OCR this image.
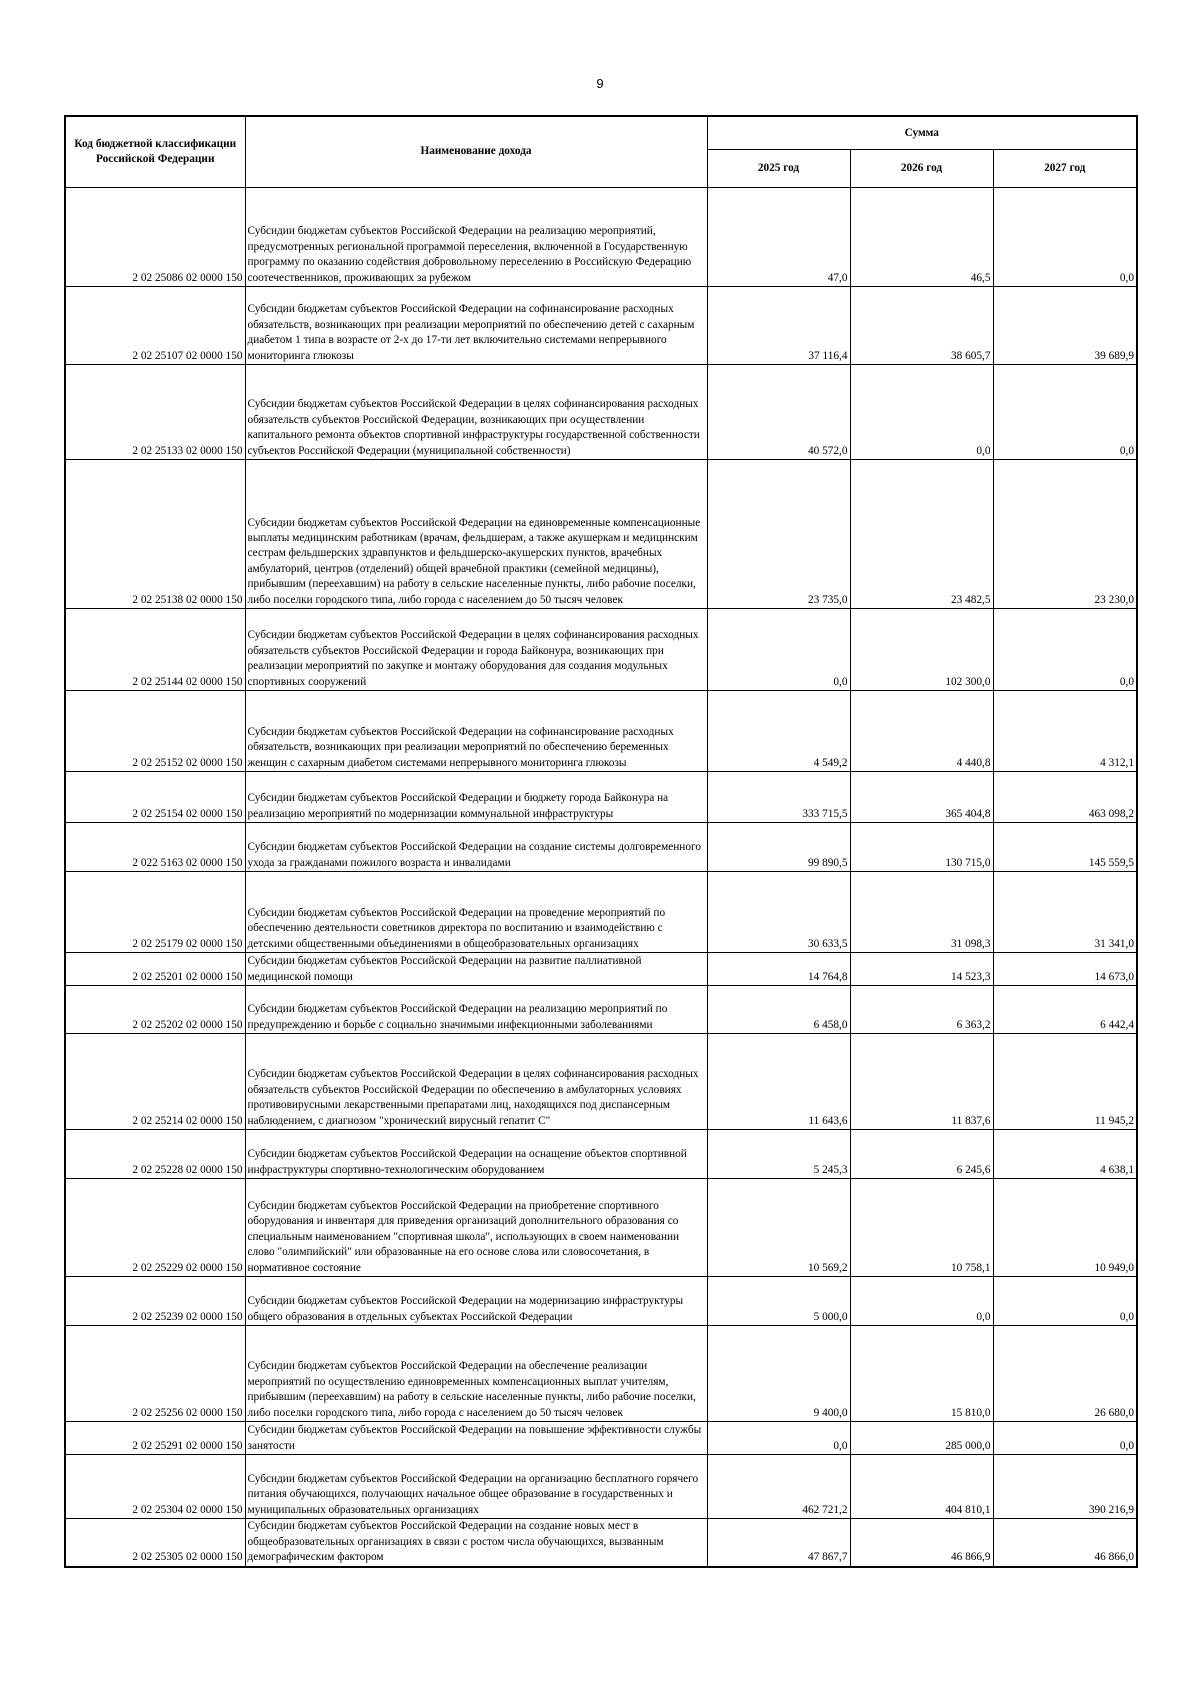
9
Код бюджетной классификации Российской Федерации	Наименование дохода	Сумма		
		2025 год	2026 год	2027 год
2 02 25086 02 0000 150	Субсидии бюджетам субъектов Российской Федерации на реализацию мероприятий, предусмотренных региональной программой переселения, включенной в Государственную программу по оказанию содействия добровольному переселению в Российскую Федерацию соотечественников, проживающих за рубежом	47,0	46,5	0,0
2 02 25107 02 0000 150	Субсидии бюджетам субъектов Российской Федерации на софинансирование расходных обязательств, возникающих при реализации мероприятий по обеспечению детей с сахарным диабетом 1 типа в возрасте от 2-х до 17-ти лет включительно системами непрерывного мониторинга глюкозы	37 116,4	38 605,7	39 689,9
2 02 25133 02 0000 150	Субсидии бюджетам субъектов Российской Федерации в целях софинансирования расходных обязательств субъектов Российской Федерации, возникающих при осуществлении капитального ремонта объектов спортивной инфраструктуры государственной собственности субъектов Российской Федерации (муниципальной собственности)	40 572,0	0,0	0,0
2 02 25138 02 0000 150	Субсидии бюджетам субъектов Российской Федерации на единовременные компенсационные выплаты медицинским работникам (врачам, фельдшерам, а также акушеркам и медицинским сестрам фельдшерских здравпунктов и фельдшерско-акушерских пунктов, врачебных амбулаторий, центров (отделений) общей врачебной практики (семейной медицины), прибывшим (переехавшим) на работу в сельские населенные пункты, либо рабочие поселки, либо поселки городского типа, либо города с населением до 50 тысяч человек	23 735,0	23 482,5	23 230,0
2 02 25144 02 0000 150	Субсидии бюджетам субъектов Российской Федерации в целях софинансирования расходных обязательств субъектов Российской Федерации и города Байконура, возникающих при реализации мероприятий по закупке и монтажу оборудования для создания модульных спортивных сооружений	0,0	102 300,0	0,0
2 02 25152 02 0000 150	Субсидии бюджетам субъектов Российской Федерации на софинансирование расходных обязательств, возникающих при реализации мероприятий по обеспечению беременных женщин с сахарным диабетом системами непрерывного мониторинга глюкозы	4 549,2	4 440,8	4 312,1
2 02 25154 02 0000 150	Субсидии бюджетам субъектов Российской Федерации и бюджету города Байконура на реализацию мероприятий по модернизации коммунальной инфраструктуры	333 715,5	365 404,8	463 098,2
2 022 5163 02 0000 150	Субсидии бюджетам субъектов Российской Федерации на создание системы долговременного ухода за гражданами пожилого возраста и инвалидами	99 890,5	130 715,0	145 559,5
2 02 25179 02 0000 150	Субсидии бюджетам субъектов Российской Федерации на проведение мероприятий по обеспечению деятельности советников директора по воспитанию и взаимодействию с детскими общественными объединениями в общеобразовательных организациях	30 633,5	31 098,3	31 341,0
2 02 25201 02 0000 150	Субсидии бюджетам субъектов Российской Федерации на развитие паллиативной медицинской помощи	14 764,8	14 523,3	14 673,0
2 02 25202 02 0000 150	Субсидии бюджетам субъектов Российской Федерации на реализацию мероприятий по предупреждению и борьбе с социально значимыми инфекционными заболеваниями	6 458,0	6 363,2	6 442,4
2 02 25214 02 0000 150	Субсидии бюджетам субъектов Российской Федерации в целях софинансирования расходных обязательств субъектов Российской Федерации по обеспечению в амбулаторных условиях противовирусными лекарственными препаратами лиц, находящихся под диспансерным наблюдением, с диагнозом "хронический вирусный гепатит С"	11 643,6	11 837,6	11 945,2
2 02 25228 02 0000 150	Субсидии бюджетам субъектов Российской Федерации на оснащение объектов спортивной инфраструктуры спортивно-технологическим оборудованием	5 245,3	6 245,6	4 638,1
2 02 25229 02 0000 150	Субсидии бюджетам субъектов Российской Федерации на приобретение спортивного оборудования и инвентаря для приведения организаций дополнительного образования со специальным наименованием "спортивная школа", использующих в своем наименовании слово "олимпийский" или образованные на его основе слова или словосочетания, в нормативное состояние	10 569,2	10 758,1	10 949,0
2 02 25239 02 0000 150	Субсидии бюджетам субъектов Российской Федерации на модернизацию инфраструктуры общего образования в отдельных субъектах Российской Федерации	5 000,0	0,0	0,0
2 02 25256 02 0000 150	Субсидии бюджетам субъектов Российской Федерации на обеспечение реализации мероприятий по осуществлению единовременных компенсационных выплат учителям, прибывшим (переехавшим) на работу в сельские населенные пункты, либо рабочие поселки, либо поселки городского типа, либо города с населением до 50 тысяч человек	9 400,0	15 810,0	26 680,0
2 02 25291 02 0000 150	Субсидии бюджетам субъектов Российской Федерации на повышение эффективности службы занятости	0,0	285 000,0	0,0
2 02 25304 02 0000 150	Субсидии бюджетам субъектов Российской Федерации на организацию бесплатного горячего питания обучающихся, получающих начальное общее образование в государственных и муниципальных образовательных организациях	462 721,2	404 810,1	390 216,9
2 02 25305 02 0000 150	Субсидии бюджетам субъектов Российской Федерации на создание новых мест в общеобразовательных организациях в связи с ростом числа обучающихся, вызванным демографическим фактором	47 867,7	46 866,9	46 866,0
